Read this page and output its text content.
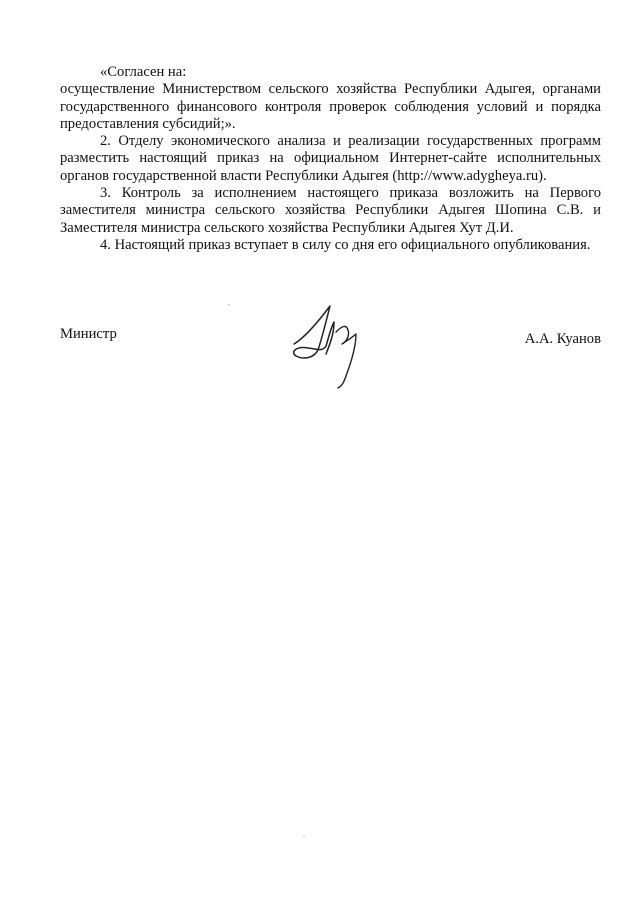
«Согласен на:

осуществление Министерством сельского хозяйства Республики Адыгея, органами государственного финансового контроля проверок соблюдения условий и порядка предоставления субсидий;».

2. Отделу экономического анализа и реализации государственных программ разместить настоящий приказ на официальном Интернет-сайте исполнительных органов государственной власти Республики Адыгея (http://www.adygheya.ru).

3. Контроль за исполнением настоящего приказа возложить на Первого заместителя министра сельского хозяйства Республики Адыгея Шопина С.В. и Заместителя министра сельского хозяйства Республики Адыгея Хут Д.И.

4. Настоящий приказ вступает в силу со дня его официального опубликования.

Министр	А.А. Куанов
